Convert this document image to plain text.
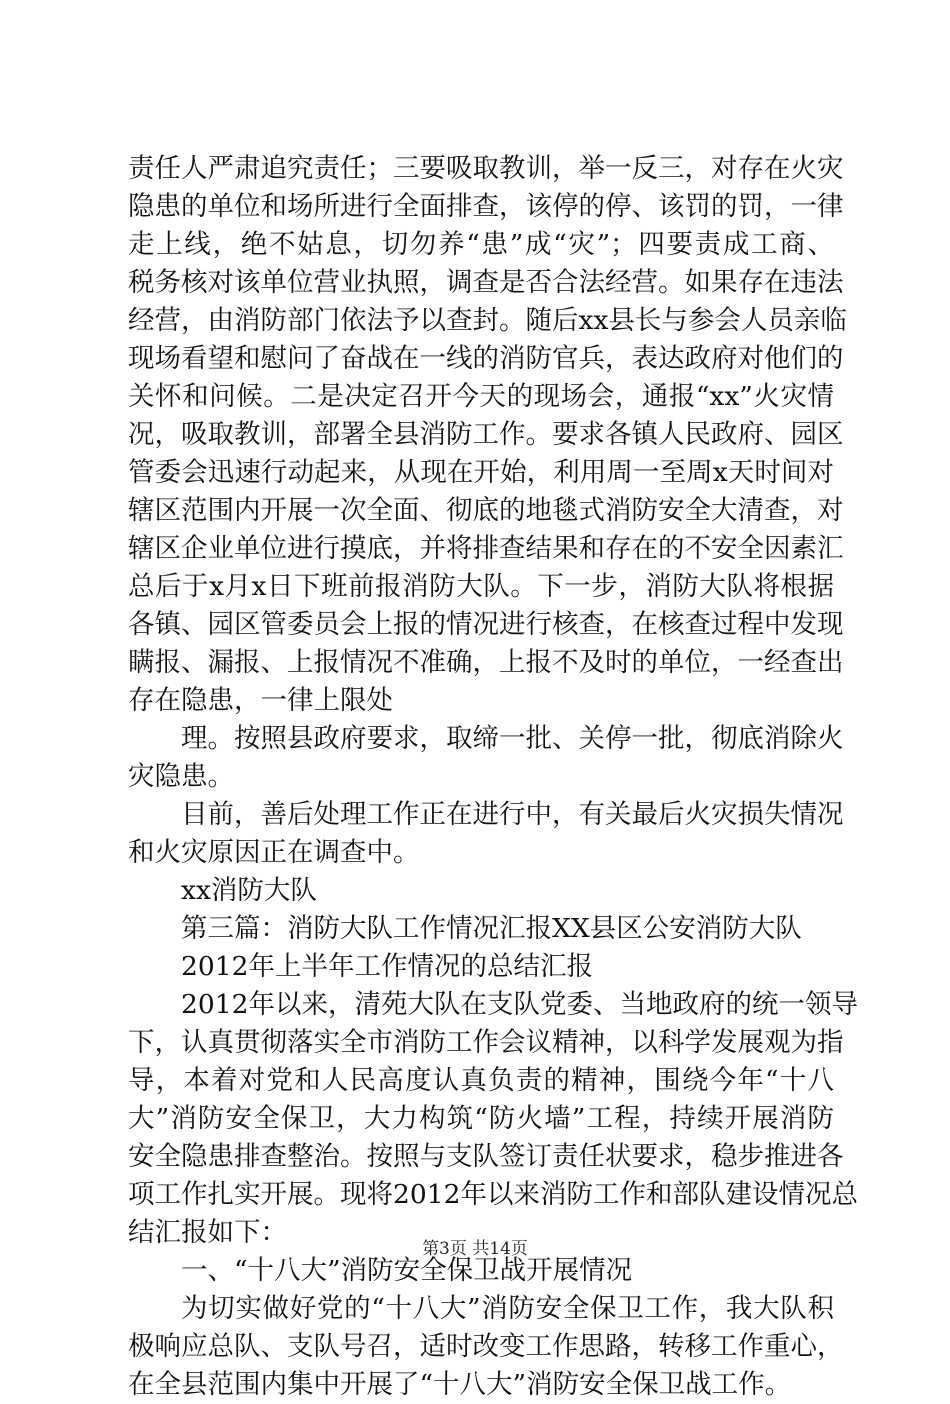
责任人严肃追究责任；三要吸取教训，举一反三，对存在火灾
隐患的单位和场所进行全面排查，该停的停、该罚的罚，一律
走上线，绝不姑息，切勿养“患”成“灾”；四要责成工商、
税务核对该单位营业执照，调查是否合法经营。如果存在违法
经营，由消防部门依法予以查封。随后xx县长与参会人员亲临
现场看望和慰问了奋战在一线的消防官兵，表达政府对他们的
关怀和问候。二是决定召开今天的现场会，通报“xx”火灾情
况，吸取教训，部署全县消防工作。要求各镇人民政府、园区
管委会迅速行动起来，从现在开始，利用周一至周x天时间对
辖区范围内开展一次全面、彻底的地毯式消防安全大清查，对
辖区企业单位进行摸底，并将排查结果和存在的不安全因素汇
总后于x月x日下班前报消防大队。下一步，消防大队将根据
各镇、园区管委员会上报的情况进行核查，在核查过程中发现
瞒报、漏报、上报情况不准确，上报不及时的单位，一经查出
存在隐患，一律上限处
理。按照县政府要求，取缔一批、关停一批，彻底消除火
灾隐患。
目前，善后处理工作正在进行中，有关最后火灾损失情况
和火灾原因正在调查中。
xx消防大队
第三篇：消防大队工作情况汇报XX县区公安消防大队
2012年上半年工作情况的总结汇报
2012年以来，清苑大队在支队党委、当地政府的统一领导
下，认真贯彻落实全市消防工作会议精神，以科学发展观为指
导，本着对党和人民高度认真负责的精神，围绕今年“十八
大”消防安全保卫，大力构筑“防火墙”工程，持续开展消防
安全隐患排查整治。按照与支队签订责任状要求，稳步推进各
项工作扎实开展。现将2012年以来消防工作和部队建设情况总
结汇报如下：
一、“十八大”消防安全保卫战开展情况
为切实做好党的“十八大”消防安全保卫工作，我大队积
极响应总队、支队号召，适时改变工作思路，转移工作重心，
在全县范围内集中开展了“十八大”消防安全保卫战工作。
第3页 共14页
